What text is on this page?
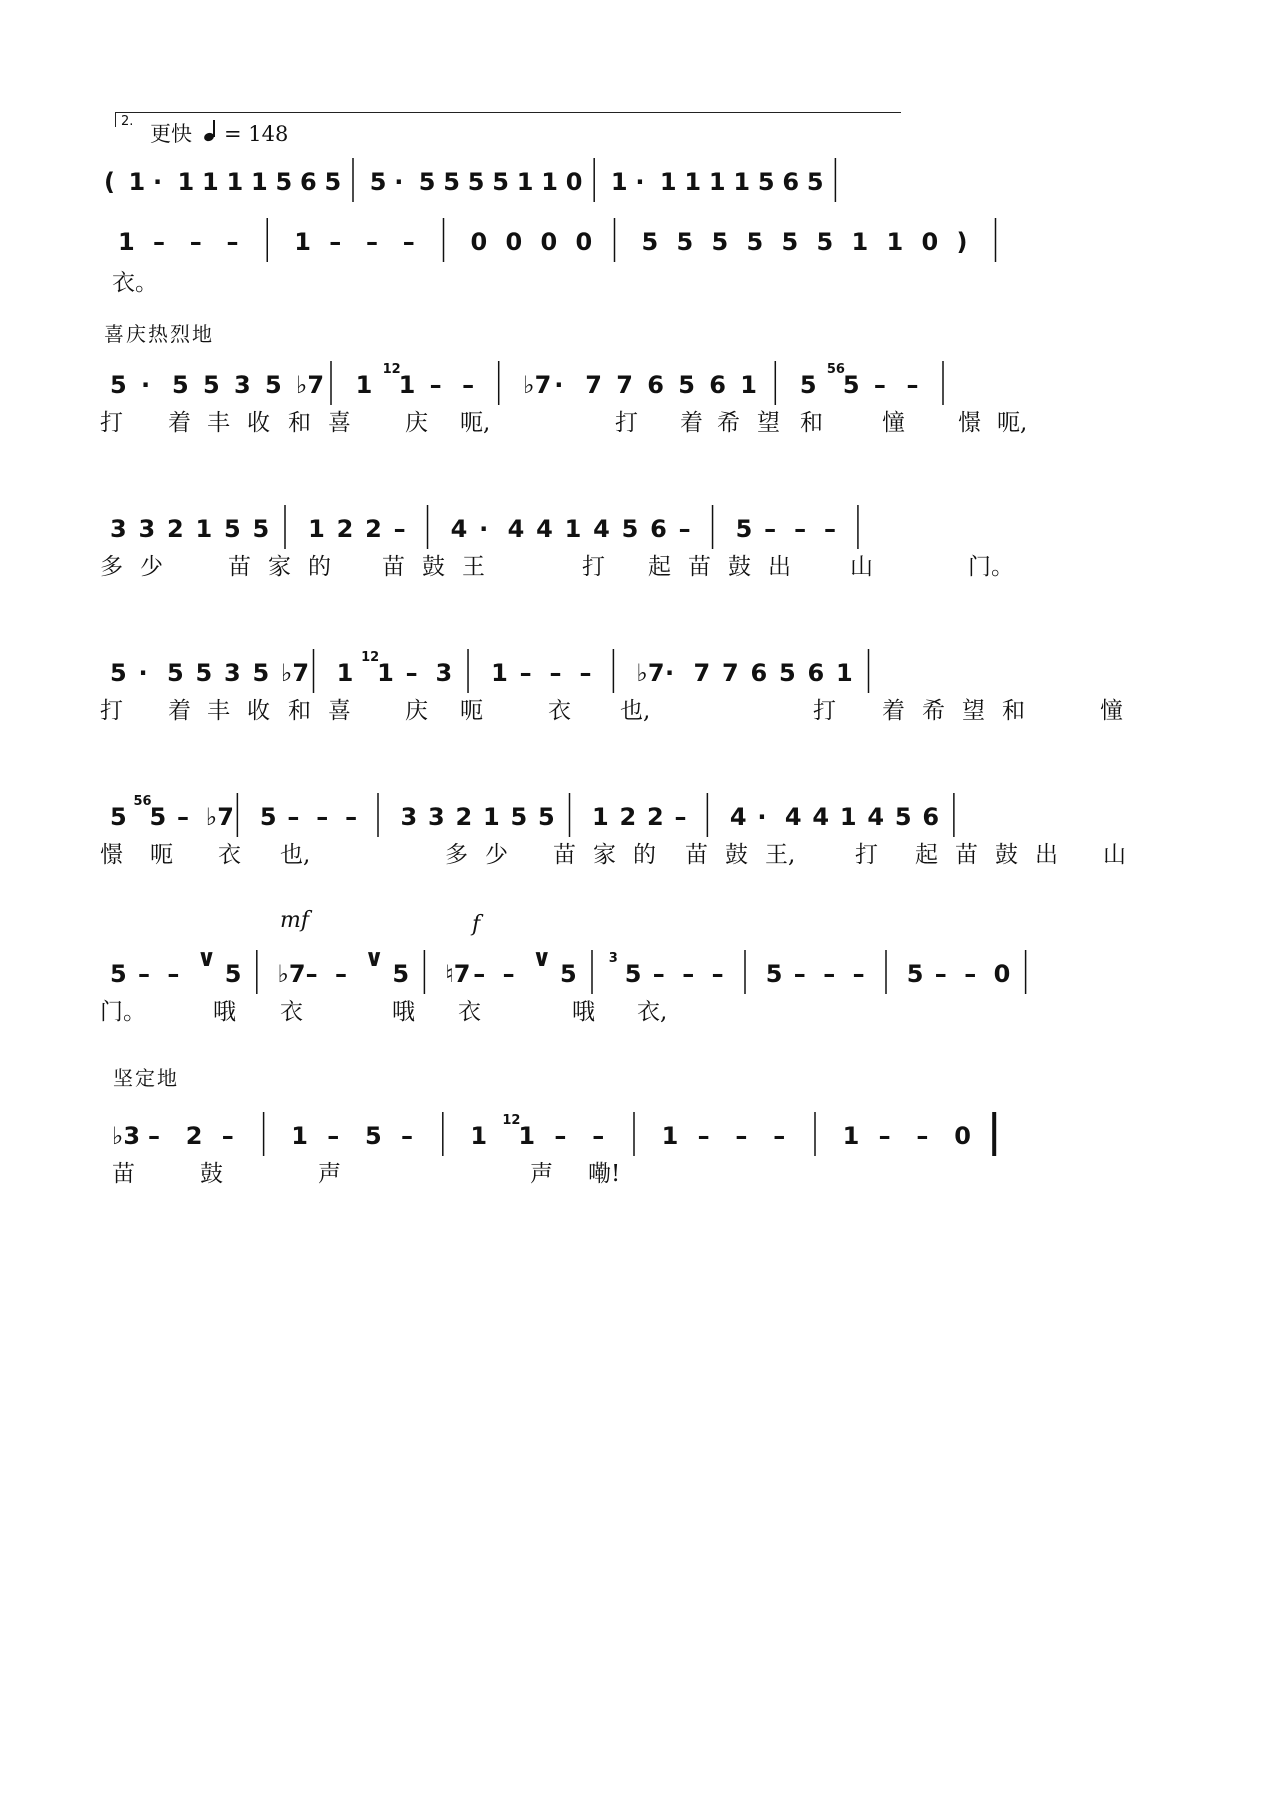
2.
更快 = 148
喜庆热烈地
坚定地
mf	f
( 1 · 1 1 1 1 5 6 5 5 · 5 5 5 5 1 1 0 1 · 1 1 1 1 5 6 5
1 – – – 1 – – – 0 0 0 0 5 5 5 5 5 5 1 1 0 )
衣。
5 · 5 5 3 5 ♭7 1
12
1 – – ♭7 · 7 7 6 5 6 1 5
56
5 – –
打 着 丰 收 和 喜 庆 呃,	打 着 希 望 和	憧 憬 呃,
3 3 2 1 5 5 1 2 2 – 4 · 4 4 1 4 5 6 – 5 – – –
多 少	苗 家 的 苗 鼓 王	打 起 苗 鼓 出	山	门。
5 · 5 5 3 5 ♭7 1
12
1 – 3 1 – – – ♭7 · 7 7 6 5 6 1
打 着 丰 收 和 喜 庆 呃	衣 也,	打 着 希 望 和	憧
5
56
5 – ♭7 5 – – – 3 3 2 1 5 5 1 2 2 – 4 · 4 4 1 4 5 6
憬 呃 衣 也,	多 少 苗 家 的 苗 鼓 王,	打 起 苗 鼓 出 山
5 – –
∨
5 ♭7 – –
∨
5 ♮7 – –
∨
5
3
5 – – – 5 – – – 5 – – 0
门。	哦 衣	哦 衣	哦 衣,
♭3 – 2 – 1 – 5 – 1
12
1 – – 1 – – – 1 – – 0
苗	鼓	声	声 嘞!
